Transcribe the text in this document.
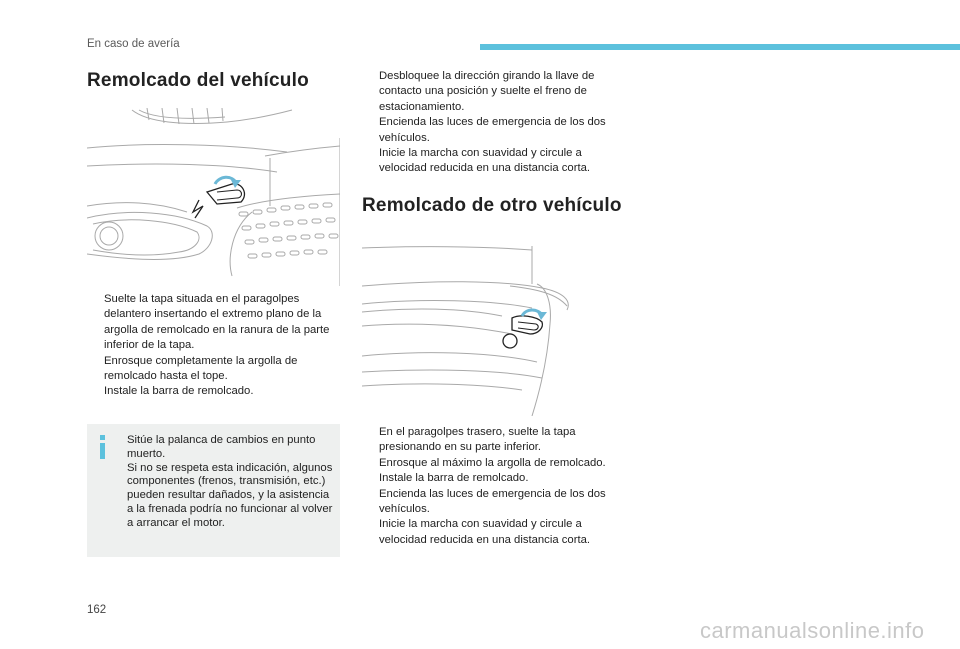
En caso de avería
Remolcado del vehículo
Suelte la tapa situada en el paragolpes delantero insertando el extremo plano de la argolla de remolcado en la ranura de la parte inferior de la tapa.
Enrosque completamente la argolla de remolcado hasta el tope.
Instale la barra de remolcado.
Sitúe la palanca de cambios en punto muerto.
Si no se respeta esta indicación, algunos componentes (frenos, transmisión, etc.) pueden resultar dañados, y la asistencia a la frenada podría no funcionar al volver a arrancar el motor.
Desbloquee la dirección girando la llave de contacto una posición y suelte el freno de estacionamiento.
Encienda las luces de emergencia de los dos vehículos.
Inicie la marcha con suavidad y circule a velocidad reducida en una distancia corta.
Remolcado de otro vehículo
En el paragolpes trasero, suelte la tapa presionando en su parte inferior.
Enrosque al máximo la argolla de remolcado.
Instale la barra de remolcado.
Encienda las luces de emergencia de los dos vehículos.
Inicie la marcha con suavidad y circule a velocidad reducida en una distancia corta.
162
carmanualsonline.info
